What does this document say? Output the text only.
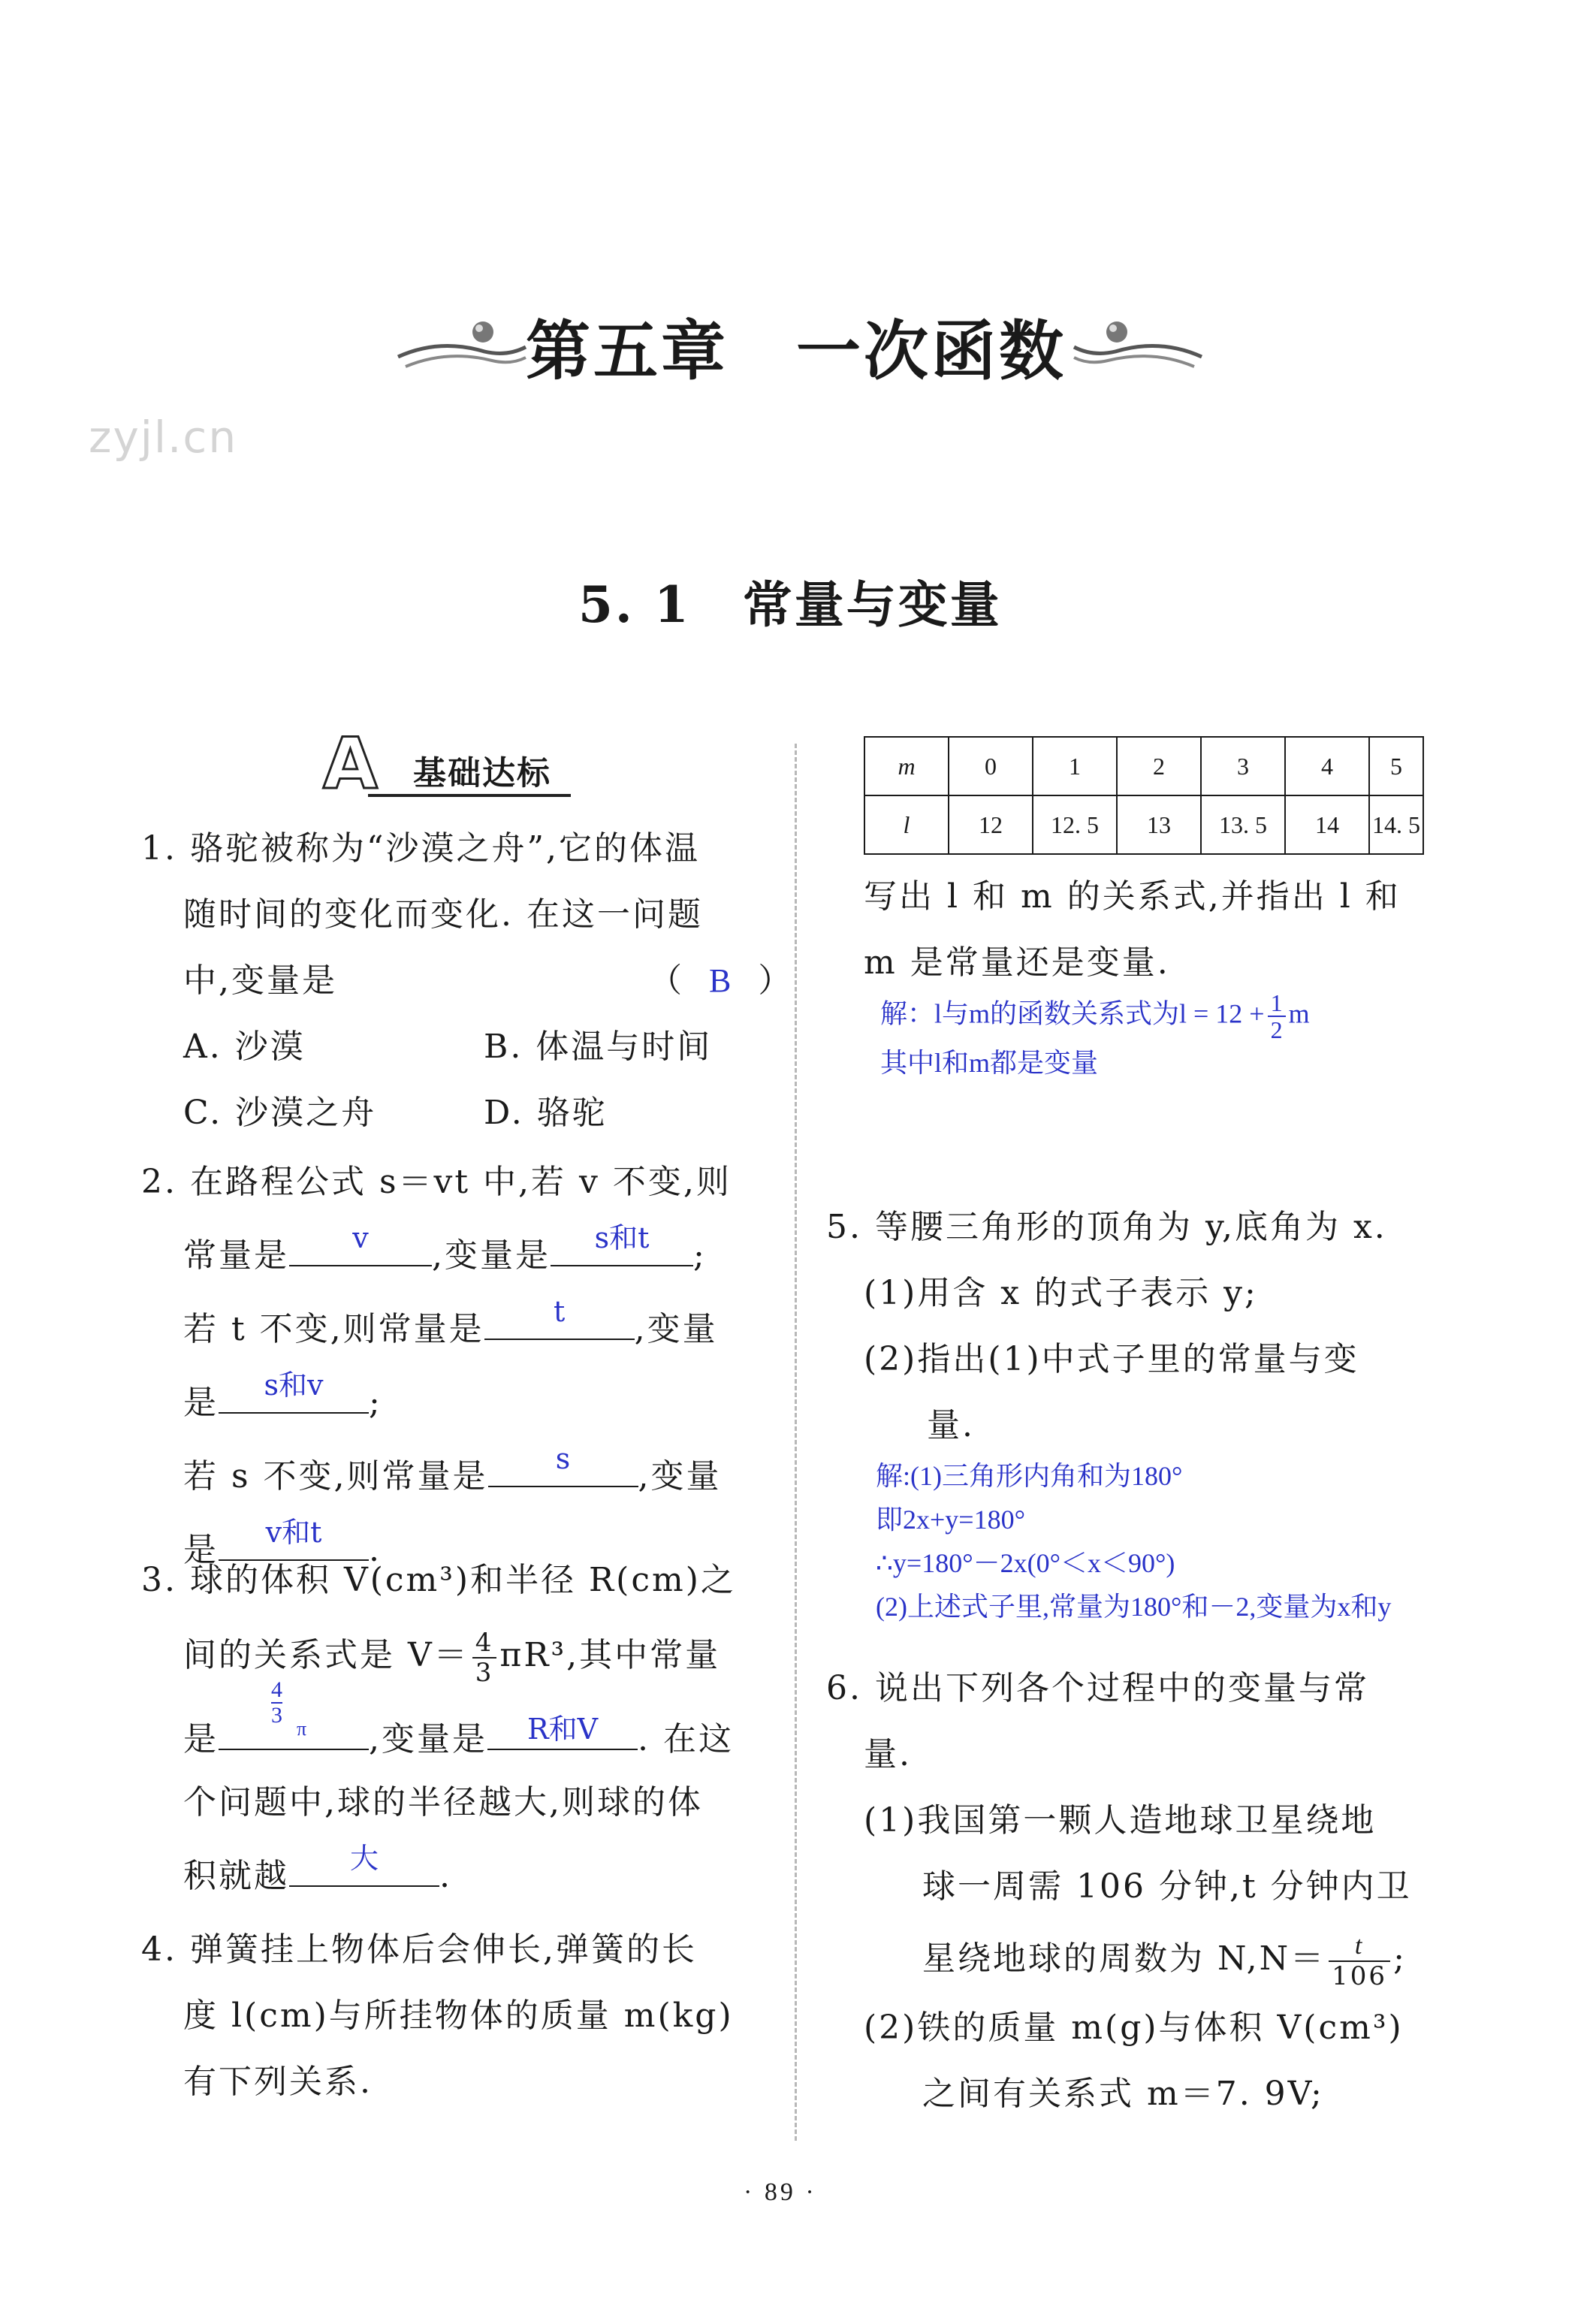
第五章　一次函数
zyjl.cn
5. 1　常量与变量
A 基础达标
1. 骆驼被称为“沙漠之舟”,它的体温
随时间的变化而变化. 在这一问题
中,变量是	（ B ）
A. 沙漠	B. 体温与时间
C. 沙漠之舟	D. 骆驼
2. 在路程公式 s＝vt 中,若 v 不变,则
常量是	v	,变量是	s和t	;
若 t 不变,则常量是	t	,变量
是	s和v	;
若 s 不变,则常量是	s	,变量
是	v和t	.
3. 球的体积 V(cm³)和半径 R(cm)之
间的关系式是 $V= \frac{4}{3} \pi R^3$,其中常量
是
$\frac{4}{3}$
π ,变量是	R和V	. 在这
个问题中,球的半径越大,则球的体
积就越	大	.
4. 弹簧挂上物体后会伸长,弹簧的长
度 l(cm)与所挂物体的质量 m(kg)
有下列关系.
m	0	1	2	3	4	5
l	12	12. 5	13	13. 5	14	14. 5
写出 l 和 m 的关系式,并指出 l 和
m 是常量还是变量.
解：l与m的函数关系式为$l = 12 + \frac{1}{2}$ m
其中l和m都是变量
5. 等腰三角形的顶角为 y,底角为 x.
(1)用含 x 的式子表示 y;
(2)指出(1)中式子里的常量与变
量.
解:(1)三角形内角和为180°
即2x+y=180°
∴y=180°－2x(0°＜x＜90°)
(2)上述式子里,常量为180°和－2,变量为x和y
6. 说出下列各个过程中的变量与常
量.
(1)我国第一颗人造地球卫星绕地
球一周需 106 分钟,t 分钟内卫
星绕地球的周数为 $N,N= \frac{t}{106}$ ;
(2)铁的质量 m(g)与体积 V(cm³)
之间有关系式 m＝7. 9V;
· 89 ·
